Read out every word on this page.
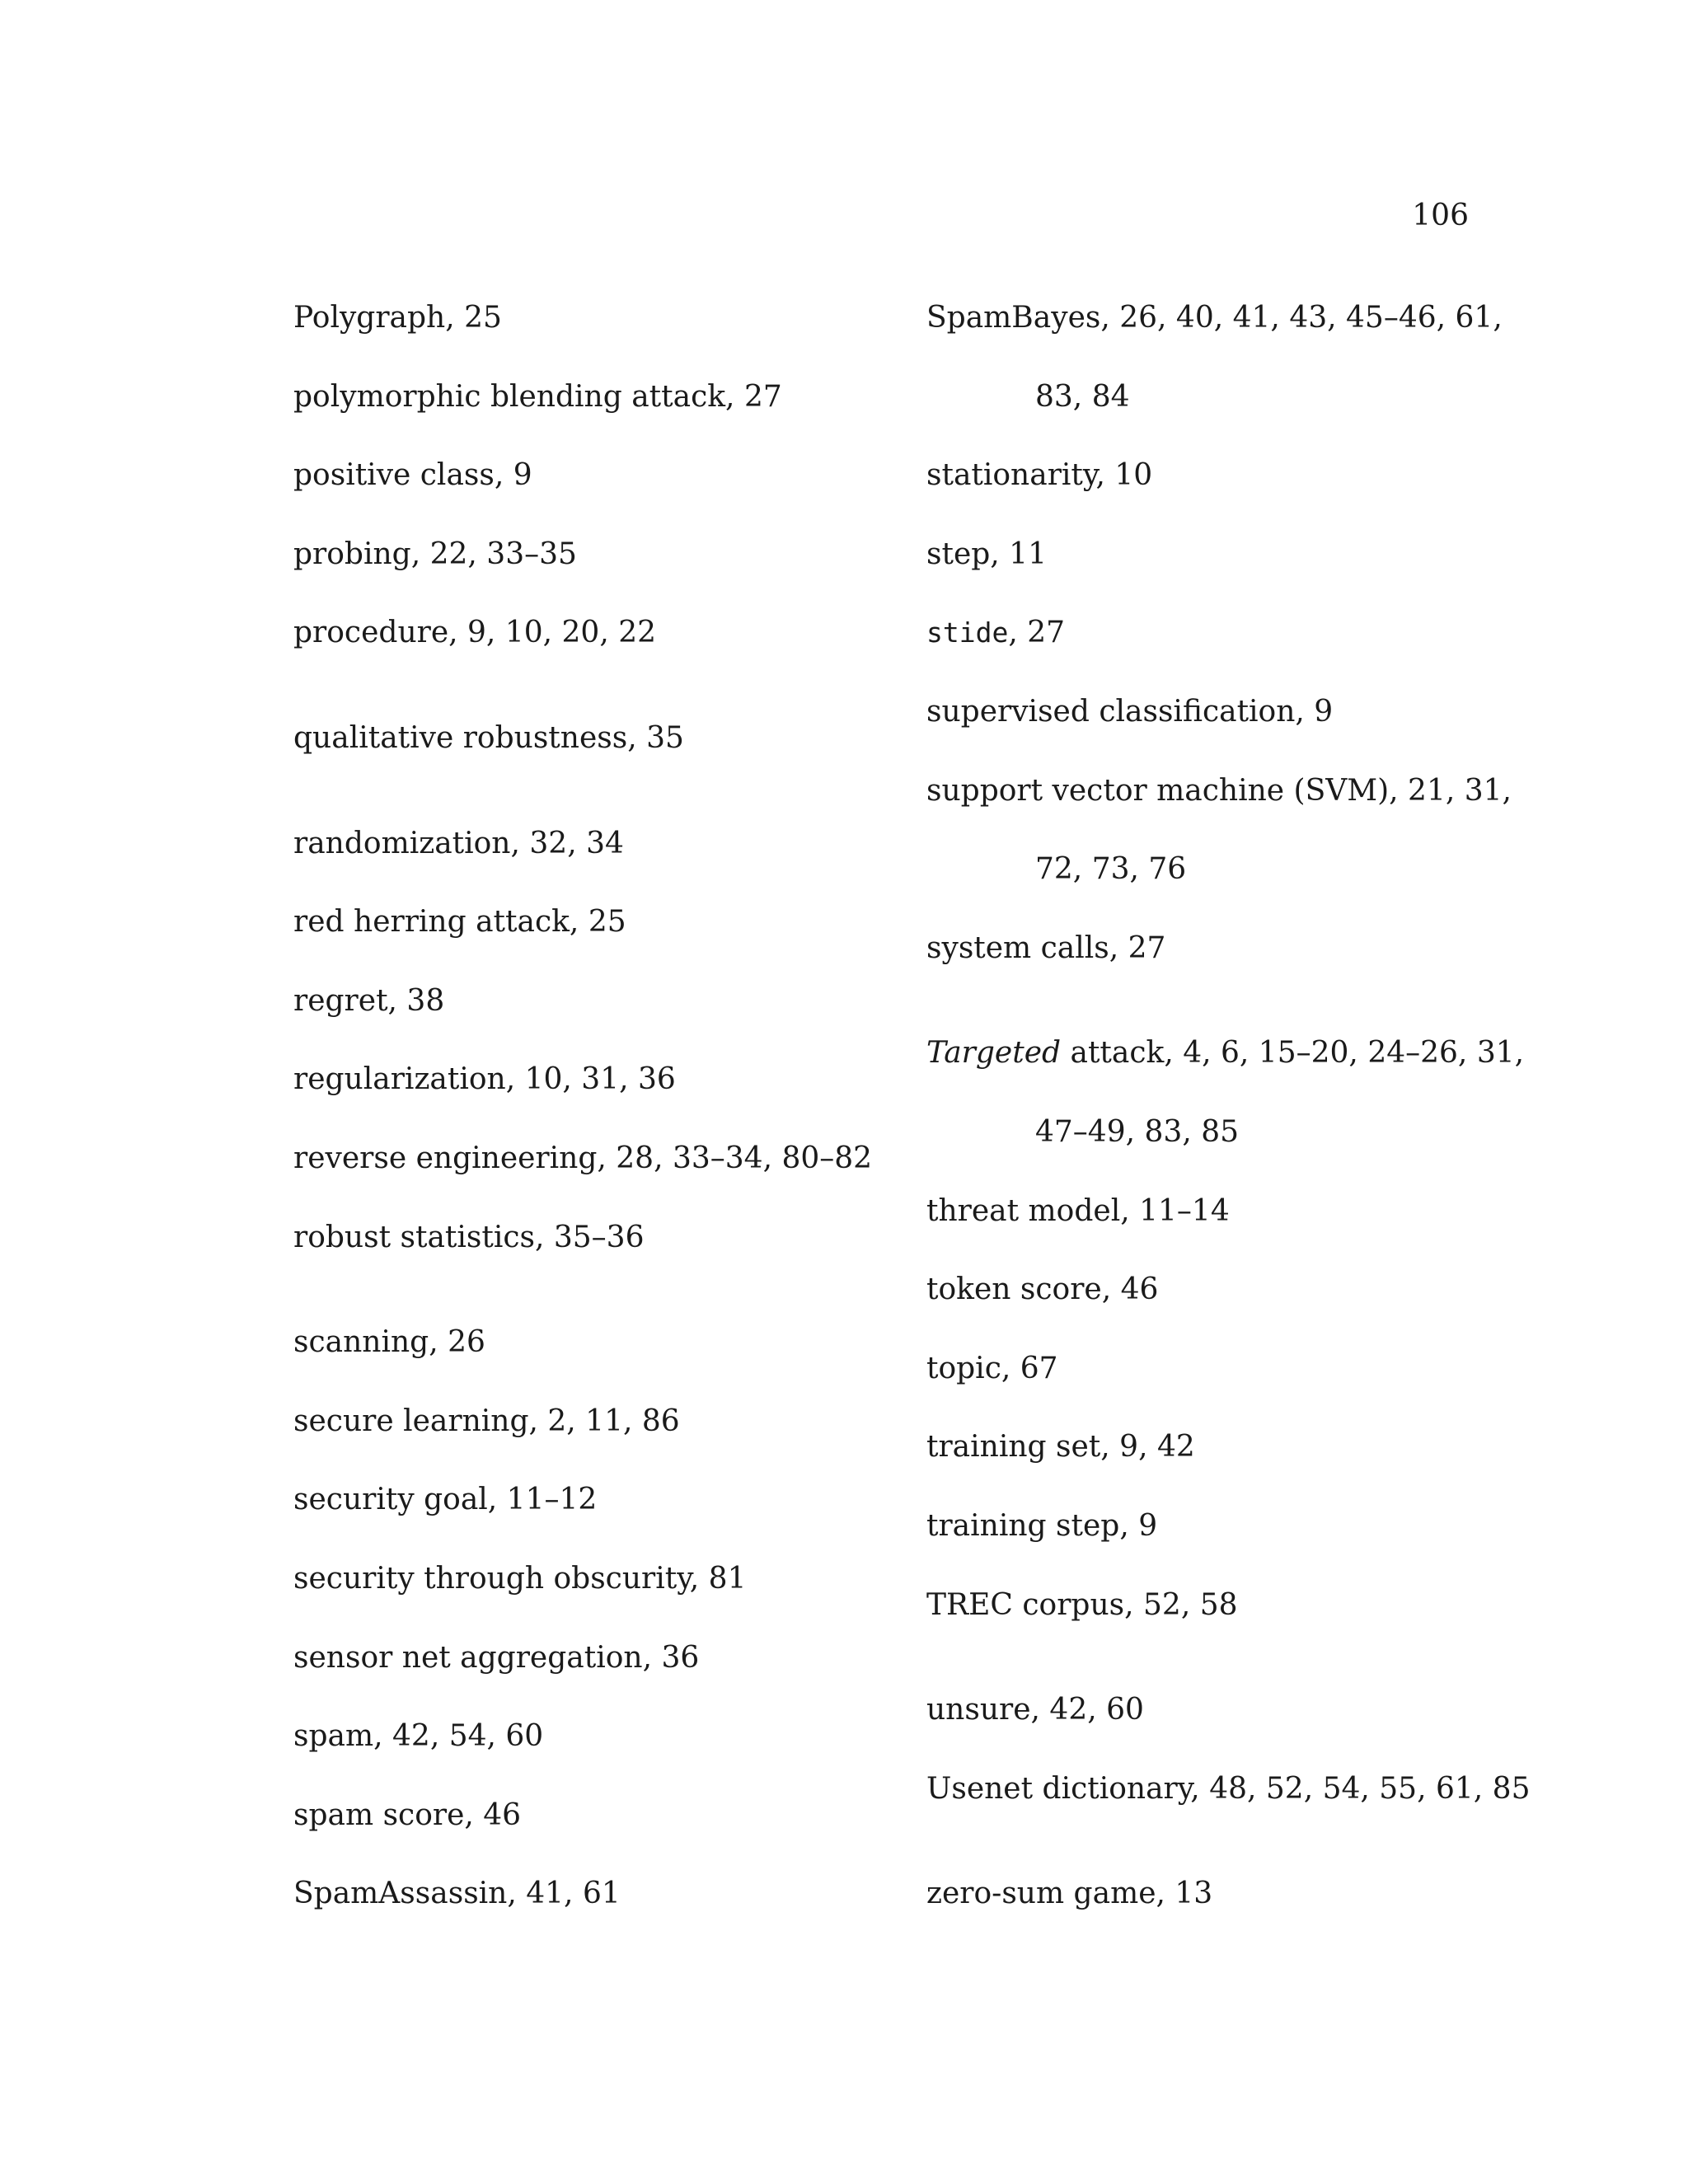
106
Polygraph, 25
polymorphic blending attack, 27
positive class, 9
probing, 22, 33–35
procedure, 9, 10, 20, 22
qualitative robustness, 35
randomization, 32, 34
red herring attack, 25
regret, 38
regularization, 10, 31, 36
reverse engineering, 28, 33–34, 80–82
robust statistics, 35–36
scanning, 26
secure learning, 2, 11, 86
security goal, 11–12
security through obscurity, 81
sensor net aggregation, 36
spam, 42, 54, 60
spam score, 46
SpamAssassin, 41, 61
SpamBayes, 26, 40, 41, 43, 45–46, 61,
83, 84
stationarity, 10
step, 11
stide, 27
supervised classification, 9
support vector machine (SVM), 21, 31,
72, 73, 76
system calls, 27
Targeted attack, 4, 6, 15–20, 24–26, 31,
47–49, 83, 85
threat model, 11–14
token score, 46
topic, 67
training set, 9, 42
training step, 9
TREC corpus, 52, 58
unsure, 42, 60
Usenet dictionary, 48, 52, 54, 55, 61, 85
zero-sum game, 13
